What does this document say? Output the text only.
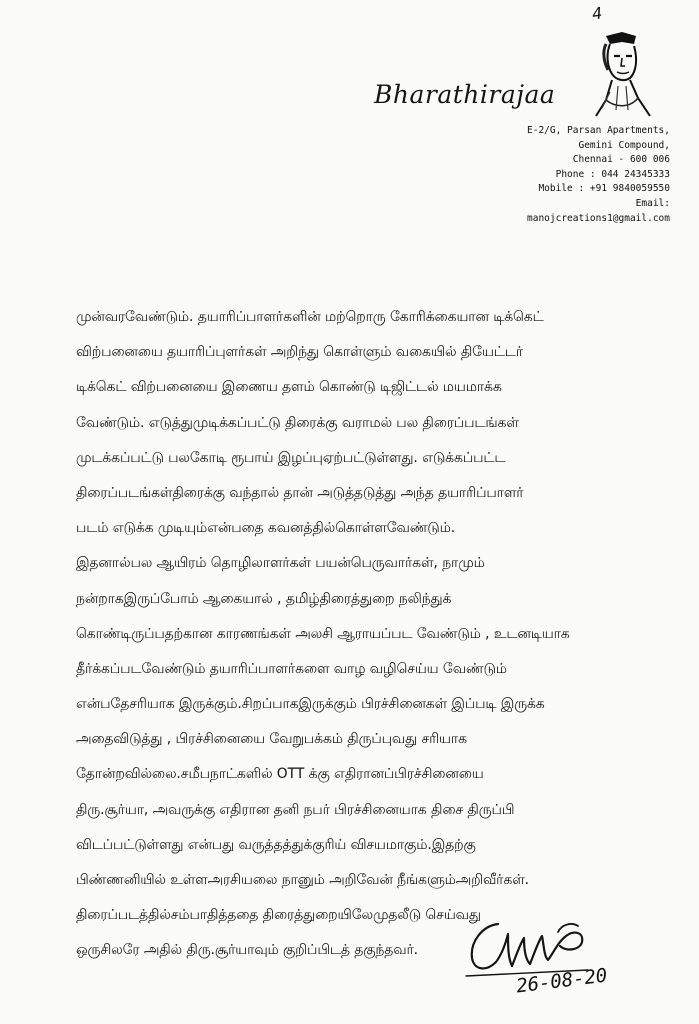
4
Bharathirajaa
E-2/G, Parsan Apartments,
Gemini Compound,
Chennai - 600 006
Phone : 044 24345333
Mobile : +91 9840059550
Email:
manojcreations1@gmail.com
முன்வரவேண்டும். தயாரிப்பாளர்களின் மற்றொரு கோரிக்கையான டிக்கெட்
விற்பனையை தயாரிப்புளர்கள் அறிந்து கொள்ளும் வகையில் தியேட்டர்
டிக்கெட் விற்பனையை இணைய தளம் கொண்டு டிஜிட்டல் மயமாக்க
வேண்டும். எடுத்துமுடிக்கப்பட்டு திரைக்கு வராமல் பல திரைப்படங்கள்
முடக்கப்பட்டு பலகோடி ரூபாய் இழப்புஏற்பட்டுள்ளது. எடுக்கப்பட்ட
திரைப்படங்கள்திரைக்கு வந்தால் தான் அடுத்தடுத்து அந்த தயாரிப்பாளர்
படம் எடுக்க முடியும்என்பதை கவனத்தில்கொள்ளவேண்டும்.
இதனால்பல ஆயிரம் தொழிலாளர்கள் பயன்பெருவார்கள், நாமும்
நன்றாகஇருப்போம் ஆகையால் , தமிழ்திரைத்துறை நலிந்துக்
கொண்டிருப்பதற்கான காரணங்கள் அலசி ஆராயப்பட வேண்டும் , உடனடியாக
தீர்க்கப்படவேண்டும் தயாரிப்பாளர்களை வாழ வழிசெய்ய வேண்டும்
என்பதேசரியாக இருக்கும்.சிறப்பாகஇருக்கும் பிரச்சினைகள் இப்படி இருக்க
அதைவிடுத்து , பிரச்சினையை வேறுபக்கம் திருப்புவது சரியாக
தோன்றவில்லை.சமீபநாட்களில் OTT க்கு எதிரானப்பிரச்சினையை
திரு.சூர்யா, அவருக்கு எதிரான தனி நபர் பிரச்சினையாக திசை திருப்பி
விடப்பட்டுள்ளது என்பது வருத்தத்துக்குரிய் விசயமாகும்.இதற்கு
பிண்ணனியில் உள்ளஅரசியலை நானும் அறிவேன் நீங்களும்அறிவீர்கள்.
திரைப்படத்தில்சம்பாதித்ததை திரைத்துறையிலேமுதலீடு செய்வது
ஒருசிலரே அதில் திரு.சூர்யாவும் குறிப்பிடத் தகுந்தவர்.
26-08-20
